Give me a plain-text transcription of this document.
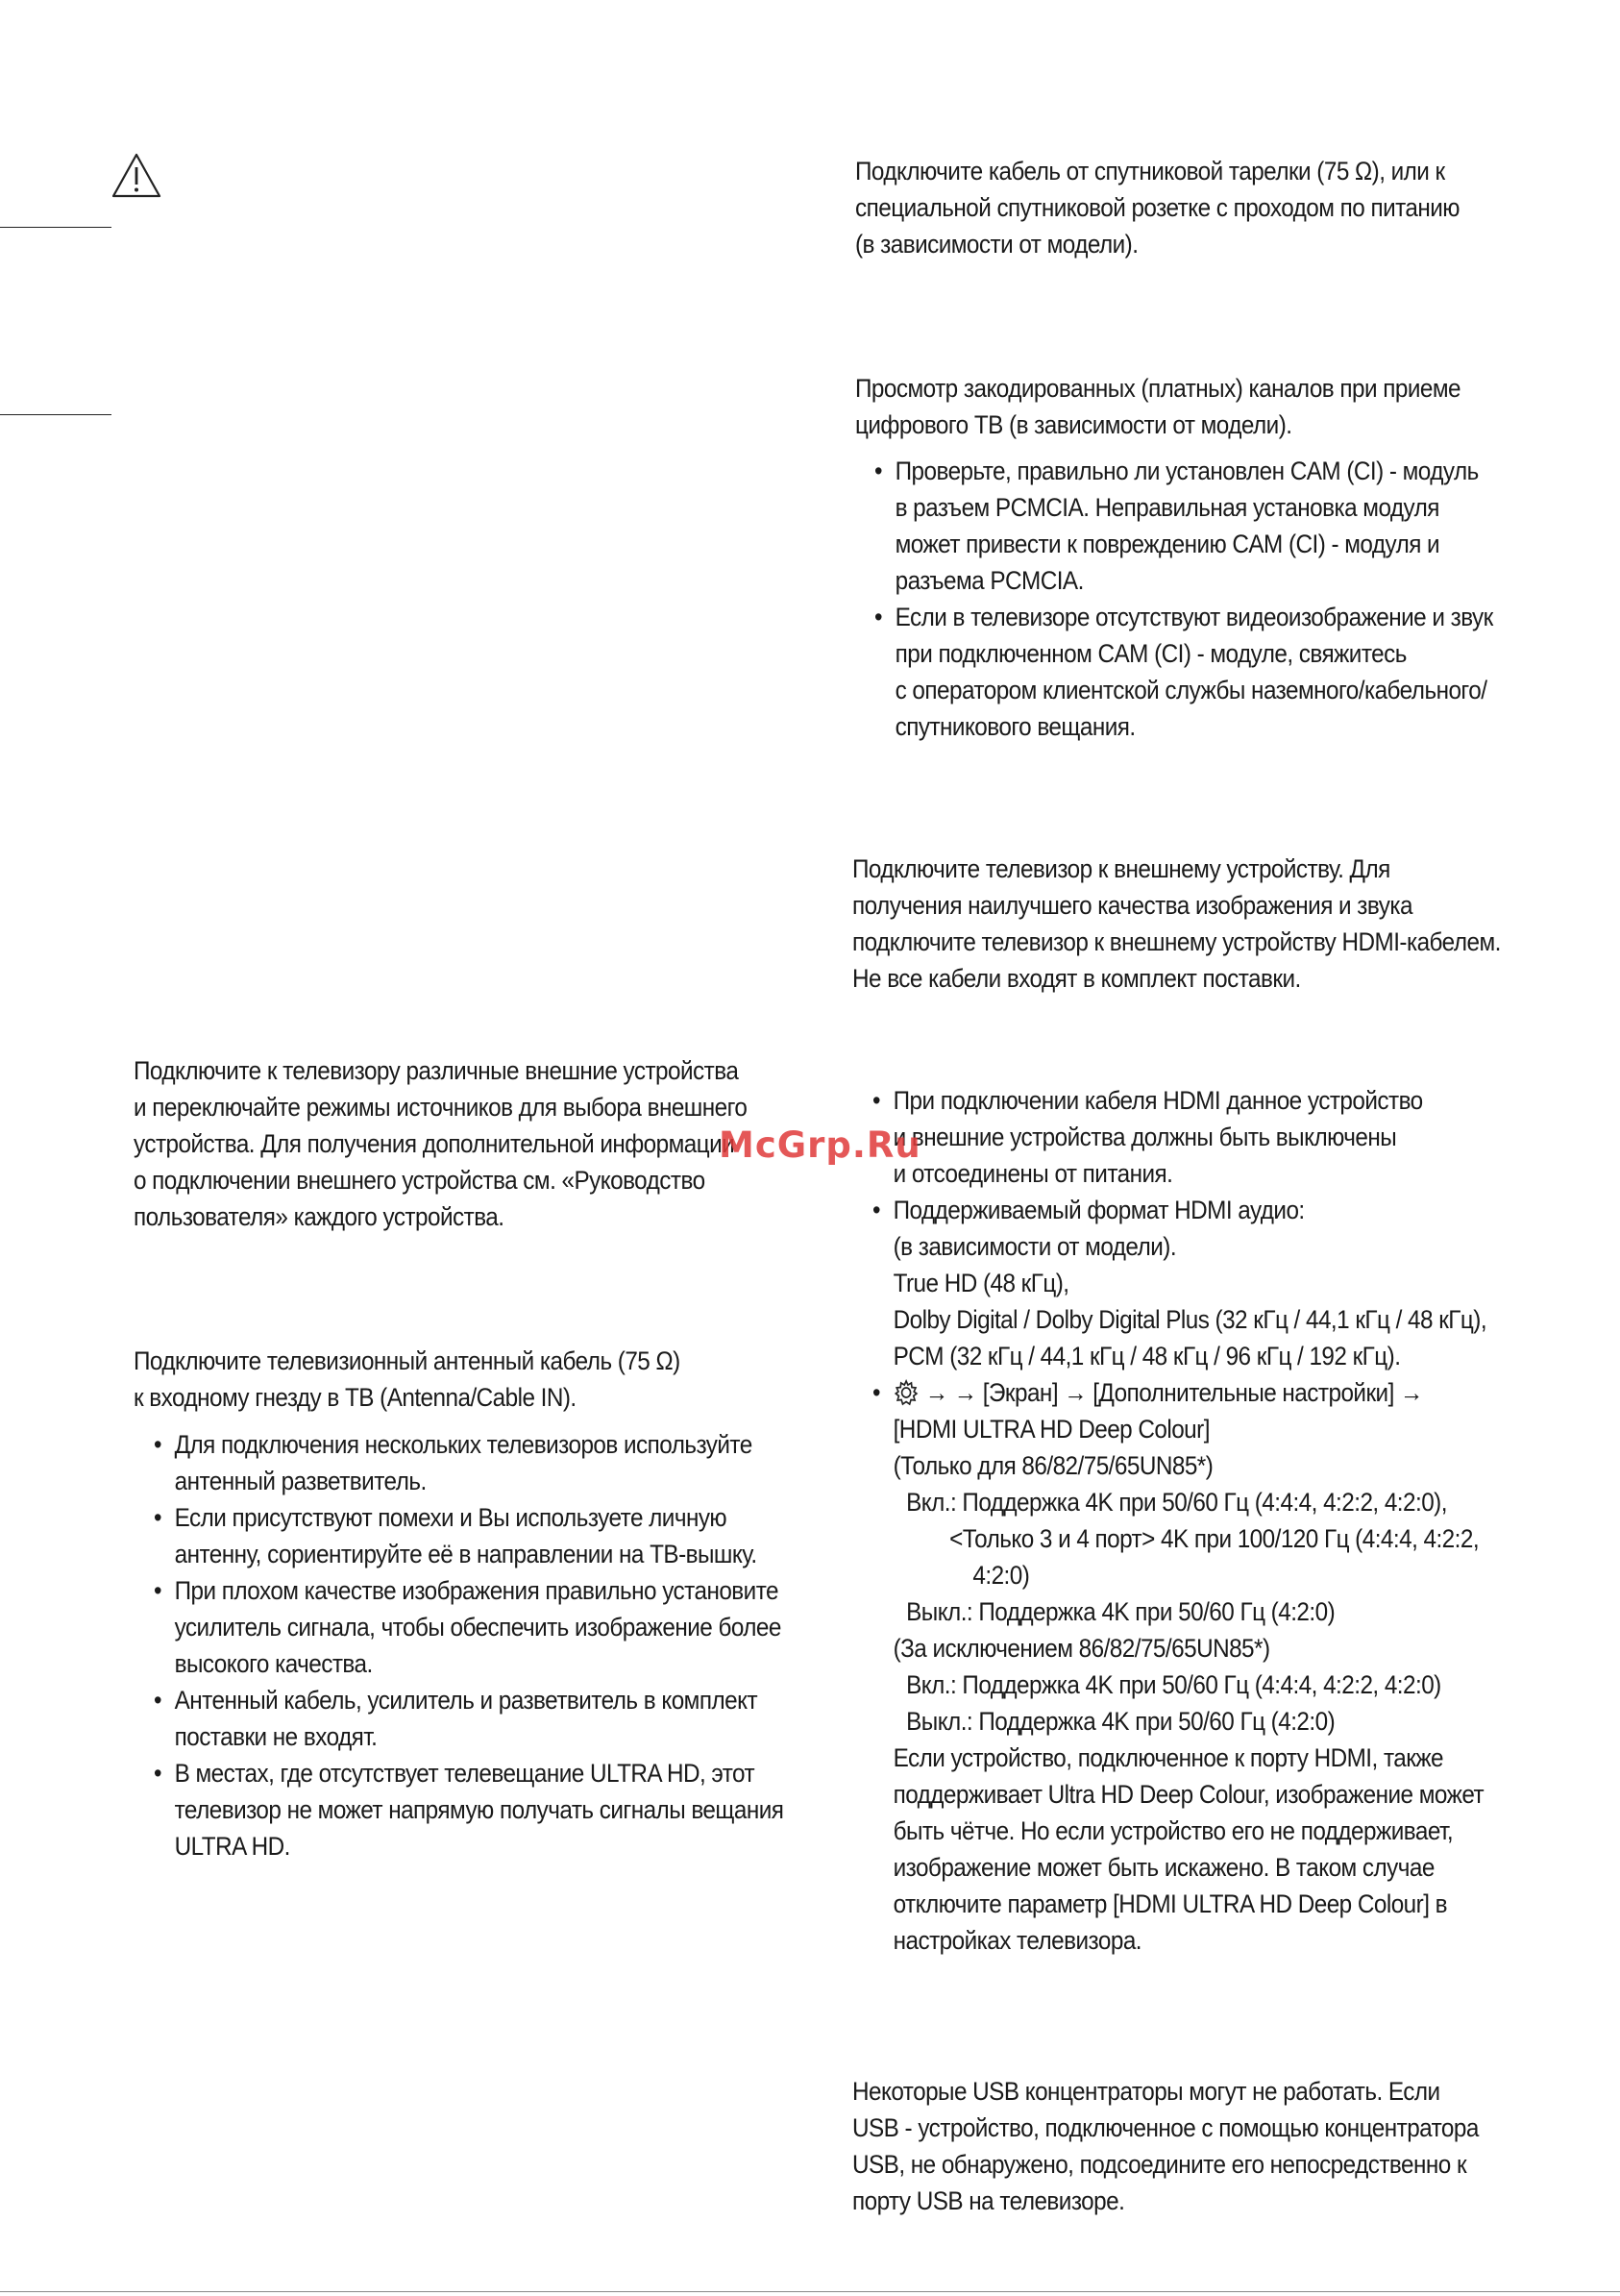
Подключите кабель от спутниковой тарелки (75 Ω), или к
специальной спутниковой розетке с проходом по питанию
(в зависимости от модели).
Просмотр закодированных (платных) каналов при приеме
цифрового ТВ (в зависимости от модели).
• Проверьте, правильно ли установлен CAM (CI) - модуль
в разъем PCMCIA. Неправильная установка модуля
может привести к повреждению CAM (CI) - модуля и
разъема PCMCIA.
• Если в телевизоре отсутствуют видеоизображение и звук
при подключенном CAM (CI) - модуле, свяжитесь
с оператором клиентской службы наземного/кабельного/
спутникового вещания.
Подключите телевизор к внешнему устройству. Для
получения наилучшего качества изображения и звука
подключите телевизор к внешнему устройству HDMI-кабелем.
Не все кабели входят в комплект поставки.
• При подключении кабеля HDMI данное устройство
и внешние устройства должны быть выключены
и отсоединены от питания.
• Поддерживаемый формат HDMI аудио:
(в зависимости от модели).
True HD (48 кГц),
Dolby Digital / Dolby Digital Plus (32 кГц / 44,1 кГц / 48 кГц),
PCM (32 кГц / 44,1 кГц / 48 кГц / 96 кГц / 192 кГц).
• → → [Экран] → [Дополнительные настройки] →
[HDMI ULTRA HD Deep Colour]
(Только для 86/82/75/65UN85*)
Вкл.: Поддержка 4K при 50/60 Гц (4:4:4, 4:2:2, 4:2:0),
<Только 3 и 4 порт> 4K при 100/120 Гц (4:4:4, 4:2:2,
4:2:0)
Выкл.: Поддержка 4K при 50/60 Гц (4:2:0)
(За исключением 86/82/75/65UN85*)
Вкл.: Поддержка 4K при 50/60 Гц (4:4:4, 4:2:2, 4:2:0)
Выкл.: Поддержка 4K при 50/60 Гц (4:2:0)
Если устройство, подключенное к порту HDMI, также
поддерживает Ultra HD Deep Colour, изображение может
быть чётче. Но если устройство его не поддерживает,
изображение может быть искажено. В таком случае
отключите параметр [HDMI ULTRA HD Deep Colour] в
настройках телевизора.
Некоторые USB концентраторы могут не работать. Если
USB - устройство, подключенное с помощью концентратора
USB, не обнаружено, подсоедините его непосредственно к
порту USB на телевизоре.
Подключите к телевизору различные внешние устройства
и переключайте режимы источников для выбора внешнего
устройства. Для получения дополнительной информации
о подключении внешнего устройства см. «Руководство
пользователя» каждого устройства.
Подключите телевизионный антенный кабель (75 Ω)
к входному гнезду в ТВ (Antenna/Cable IN).
• Для подключения нескольких телевизоров используйте
антенный разветвитель.
• Если присутствуют помехи и Вы используете личную
антенну, сориентируйте её в направлении на ТВ-вышку.
• При плохом качестве изображения правильно установите
усилитель сигнала, чтобы обеспечить изображение более
высокого качества.
• Антенный кабель, усилитель и разветвитель в комплект
поставки не входят.
• В местах, где отсутствует телевещание ULTRA HD, этот
телевизор не может напрямую получать сигналы вещания
ULTRA HD.
McGrp.Ru
